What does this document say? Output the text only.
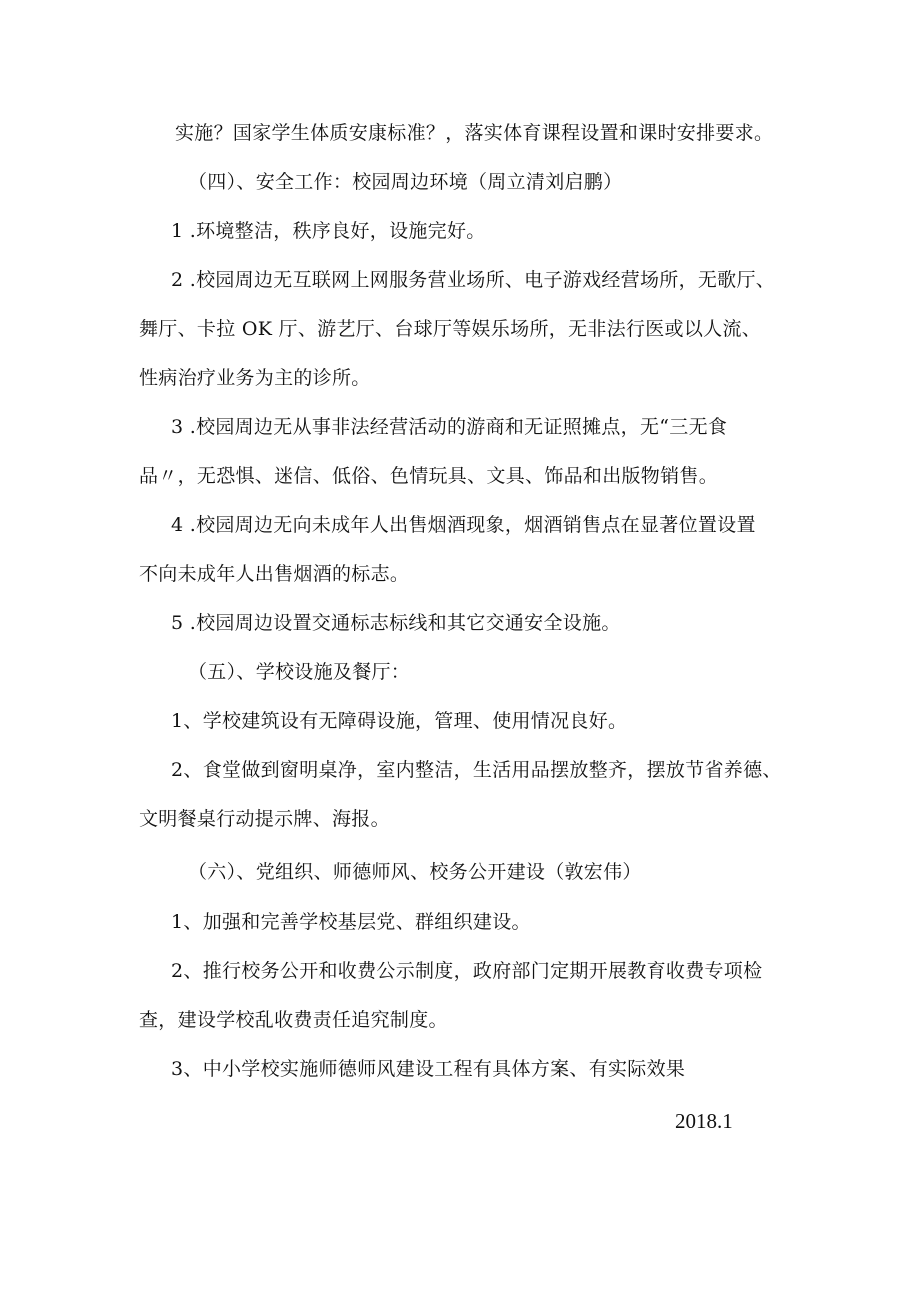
实施？国家学生体质安康标准？，落实体育课程设置和课时安排要求。
（四）、安全工作：校园周边环境（周立清刘启鹏）
1 .环境整洁，秩序良好，设施完好。
2 .校园周边无互联网上网服务营业场所、电子游戏经营场所，无歌厅、
舞厅、卡拉 OK 厅、游艺厅、台球厅等娱乐场所，无非法行医或以人流、
性病治疗业务为主的诊所。
3 .校园周边无从事非法经营活动的游商和无证照摊点，无“三无食
品〃，无恐惧、迷信、低俗、色情玩具、文具、饰品和出版物销售。
4 .校园周边无向未成年人出售烟酒现象，烟酒销售点在显著位置设置
不向未成年人出售烟酒的标志。
5 .校园周边设置交通标志标线和其它交通安全设施。
（五）、学校设施及餐厅：
1、学校建筑设有无障碍设施，管理、使用情况良好。
2、食堂做到窗明桌净，室内整洁，生活用品摆放整齐，摆放节省养德、
文明餐桌行动提示牌、海报。
（六）、党组织、师德师风、校务公开建设（敦宏伟）
1、加强和完善学校基层党、群组织建设。
2、推行校务公开和收费公示制度，政府部门定期开展教育收费专项检
查，建设学校乱收费责任追究制度。
3、中小学校实施师德师风建设工程有具体方案、有实际效果
2018.1
